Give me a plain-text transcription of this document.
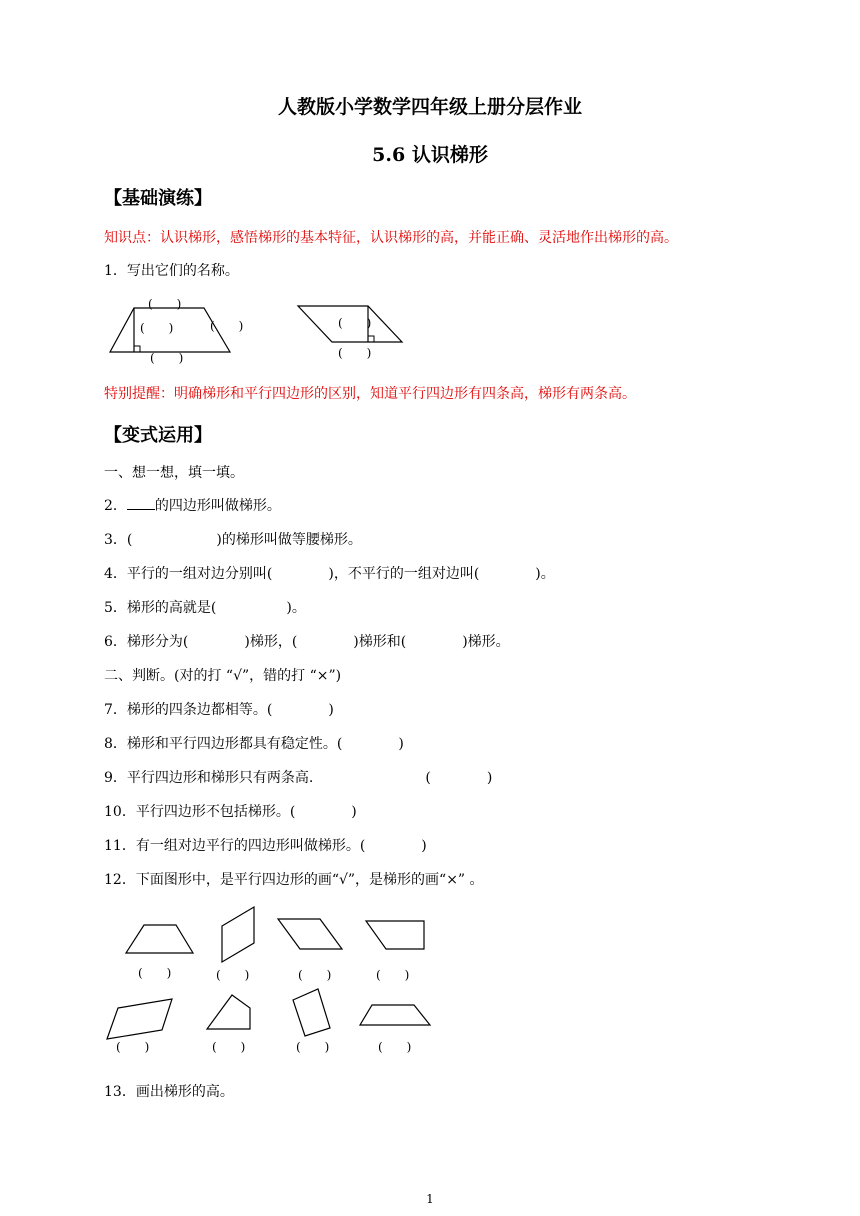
人教版小学数学四年级上册分层作业
5.6 认识梯形
【基础演练】
知识点：认识梯形，感悟梯形的基本特征，认识梯形的高，并能正确、灵活地作出梯形的高。
1．写出它们的名称。
(　　)
(　　)	(　　)
(　　)
(　　)
(　　)
特别提醒：明确梯形和平行四边形的区别，知道平行四边形有四条高，梯形有两条高。
【变式运用】
一、想一想，填一填。
2． 的四边形叫做梯形。
3．(　　　　　　)的梯形叫做等腰梯形。
4．平行的一组对边分别叫(　　　　)，不平行的一组对边叫(　　　　)。
5．梯形的高就是(　　　　　)。
6．梯形分为(　　　　)梯形，(　　　　)梯形和(　　　　)梯形。
二、判断。(对的打 “√”，错的打 “×”)
7．梯形的四条边都相等。(　　　　)
8．梯形和平行四边形都具有稳定性。(　　　　)
9．平行四边形和梯形只有两条高.　　　　　　　　(　　　　)
10．平行四边形不包括梯形。(　　　　)
11．有一组对边平行的四边形叫做梯形。(　　　　)
12．下面图形中，是平行四边形的画“√”，是梯形的画“×” 。
(　　)	(　　)	(　　)	(　　)
(　　)	(　　)	(　　)	(　　)
13．画出梯形的高。
1
